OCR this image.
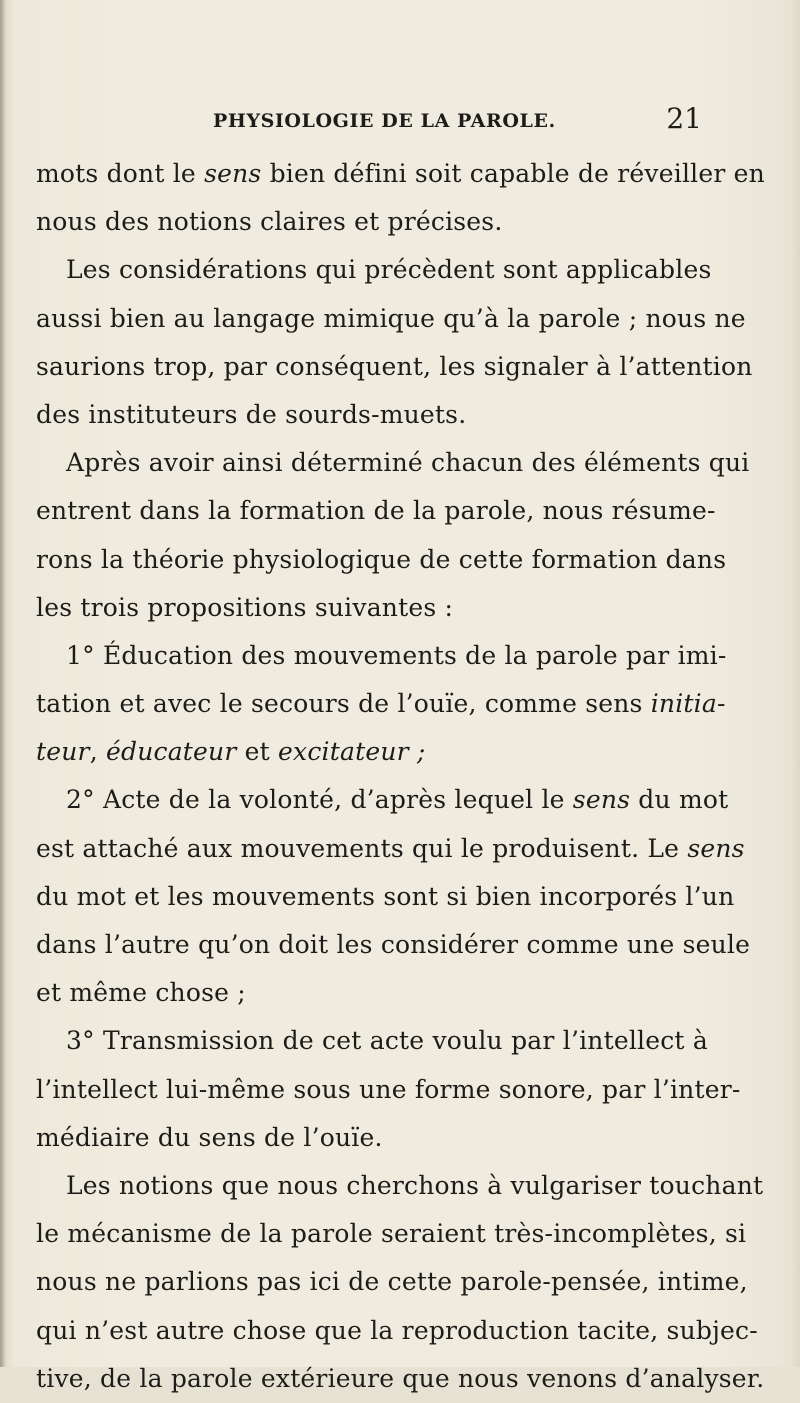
PHYSIOLOGIE DE LA PAROLE.	21
mots dont le sens bien défini soit capable de réveiller en
nous des notions claires et précises.
Les considérations qui précèdent sont applicables
aussi bien au langage mimique qu’à la parole ; nous ne
saurions trop, par conséquent, les signaler à l’attention
des instituteurs de sourds-muets.
Après avoir ainsi déterminé chacun des éléments qui
entrent dans la formation de la parole, nous résume-
rons la théorie physiologique de cette formation dans
les trois propositions suivantes :
1° Éducation des mouvements de la parole par imi-
tation et avec le secours de l’ouïe, comme sens initia-
teur, éducateur et excitateur ;
2° Acte de la volonté, d’après lequel le sens du mot
est attaché aux mouvements qui le produisent. Le sens
du mot et les mouvements sont si bien incorporés l’un
dans l’autre qu’on doit les considérer comme une seule
et même chose ;
3° Transmission de cet acte voulu par l’intellect à
l’intellect lui-même sous une forme sonore, par l’inter-
médiaire du sens de l’ouïe.
Les notions que nous cherchons à vulgariser touchant
le mécanisme de la parole seraient très-incomplètes, si
nous ne parlions pas ici de cette parole-pensée, intime,
qui n’est autre chose que la reproduction tacite, subjec-
tive, de la parole extérieure que nous venons d’analyser.
